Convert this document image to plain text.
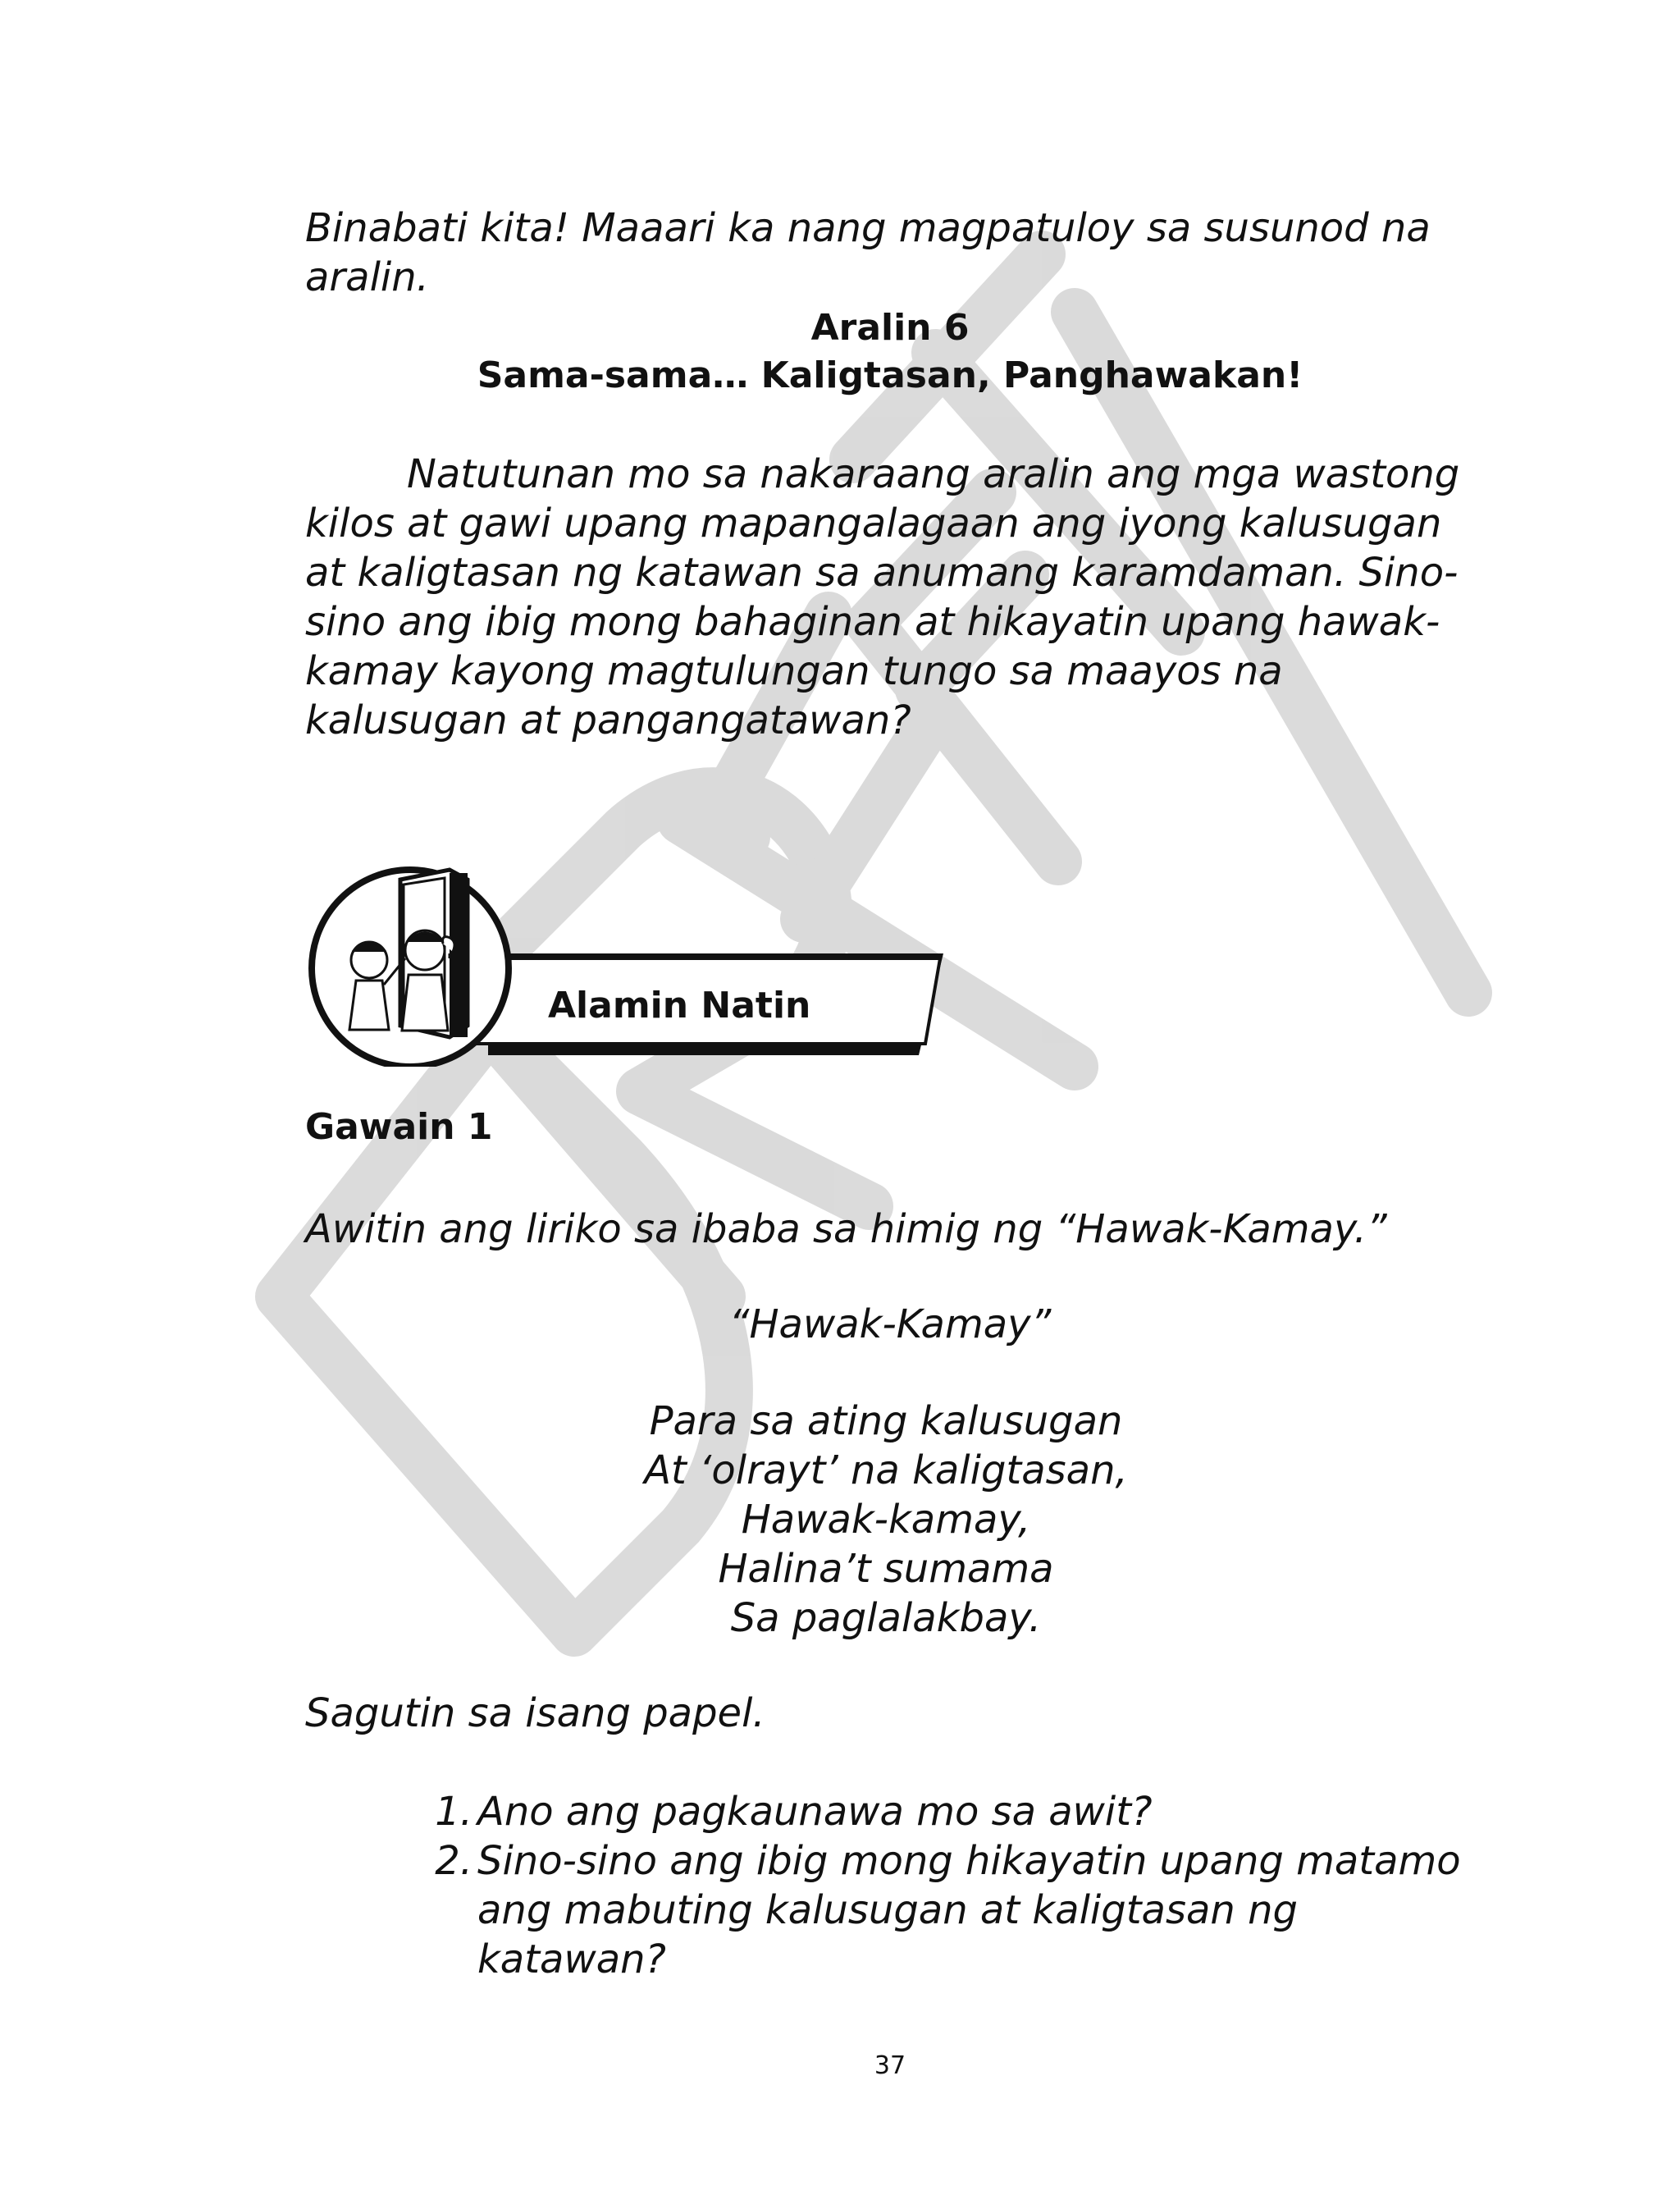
Binabati kita! Maaari ka nang magpatuloy sa susunod na aralin.
Aralin 6
Sama-sama… Kaligtasan, Panghawakan!
Natutunan mo sa nakaraang aralin ang mga wastong kilos at gawi upang mapangalagaan ang iyong kalusugan at kaligtasan ng katawan sa anumang karamdaman. Sino-sino ang ibig mong bahaginan at hikayatin upang hawak-kamay kayong magtulungan tungo sa maayos na kalusugan at pangangatawan?
Alamin Natin
Gawain 1
Awitin ang liriko sa ibaba sa himig ng “Hawak-Kamay.”
“Hawak-Kamay”
Para sa ating kalusugan
At ‘olrayt’ na kaligtasan,
Hawak-kamay,
Halina’t sumama
Sa paglalakbay.
Sagutin sa isang papel.
1. Ano ang pagkaunawa mo sa awit?
2. Sino-sino ang ibig mong hikayatin upang matamo ang mabuting kalusugan at kaligtasan ng katawan?
37
